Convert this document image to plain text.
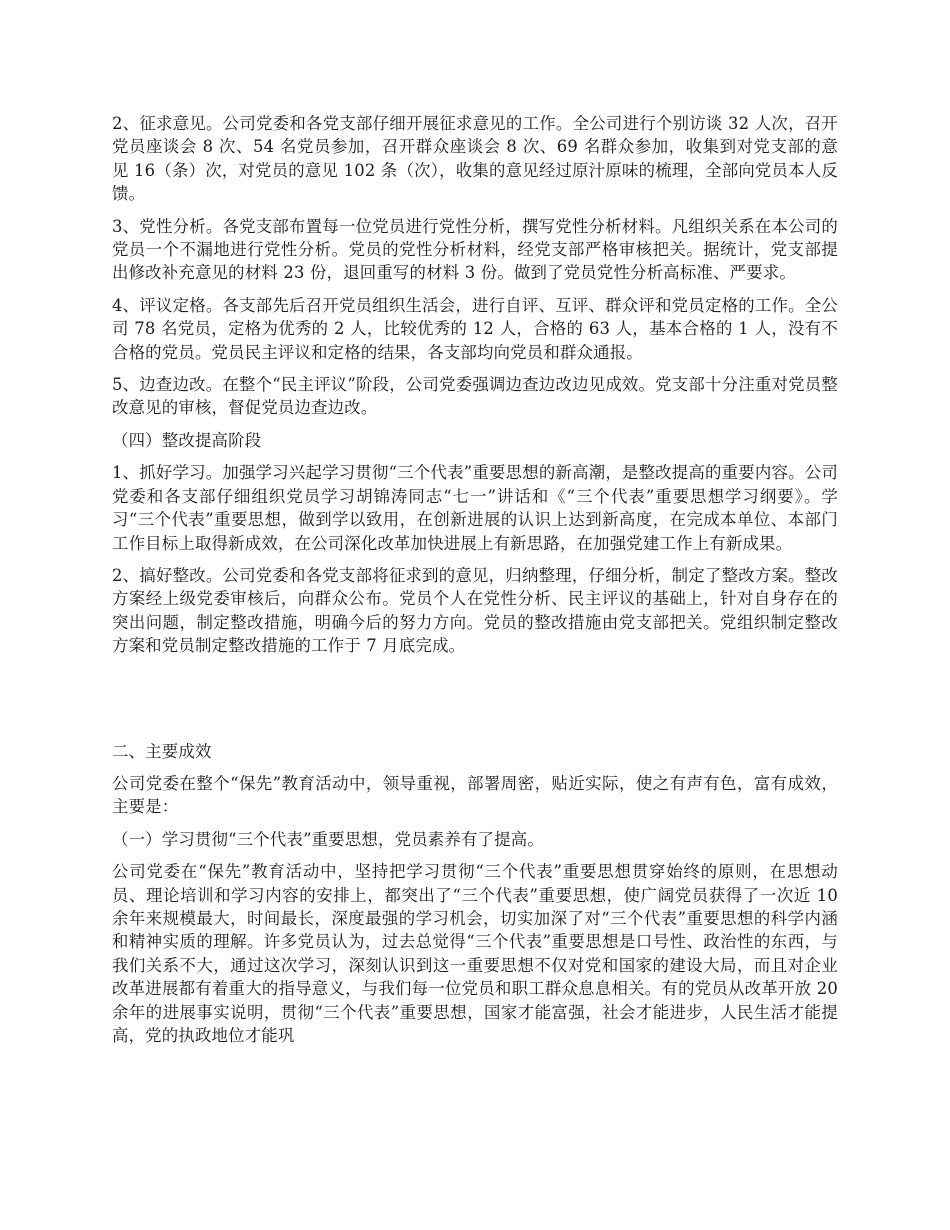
2、征求意见。公司党委和各党支部仔细开展征求意见的工作。全公司进行个别访谈 32 人次，召开党员座谈会 8 次、54 名党员参加，召开群众座谈会 8 次、69 名群众参加，收集到对党支部的意见 16（条）次，对党员的意见 102 条（次），收集的意见经过原汁原味的梳理，全部向党员本人反馈。

3、党性分析。各党支部布置每一位党员进行党性分析，撰写党性分析材料。凡组织关系在本公司的党员一个不漏地进行党性分析。党员的党性分析材料，经党支部严格审核把关。据统计，党支部提出修改补充意见的材料 23 份，退回重写的材料 3 份。做到了党员党性分析高标准、严要求。

4、评议定格。各支部先后召开党员组织生活会，进行自评、互评、群众评和党员定格的工作。全公司 78 名党员，定格为优秀的 2 人，比较优秀的 12 人，合格的 63 人，基本合格的 1 人，没有不合格的党员。党员民主评议和定格的结果，各支部均向党员和群众通报。

5、边查边改。在整个“民主评议”阶段，公司党委强调边查边改边见成效。党支部十分注重对党员整改意见的审核，督促党员边查边改。

（四）整改提高阶段

1、抓好学习。加强学习兴起学习贯彻“三个代表”重要思想的新高潮，是整改提高的重要内容。公司党委和各支部仔细组织党员学习胡锦涛同志“七一”讲话和《“三个代表”重要思想学习纲要》。学习“三个代表”重要思想，做到学以致用，在创新进展的认识上达到新高度，在完成本单位、本部门工作目标上取得新成效，在公司深化改革加快进展上有新思路，在加强党建工作上有新成果。

2、搞好整改。公司党委和各党支部将征求到的意见，归纳整理，仔细分析，制定了整改方案。整改方案经上级党委审核后，向群众公布。党员个人在党性分析、民主评议的基础上，针对自身存在的突出问题，制定整改措施，明确今后的努力方向。党员的整改措施由党支部把关。党组织制定整改方案和党员制定整改措施的工作于 7 月底完成。

二、主要成效

公司党委在整个“保先”教育活动中，领导重视，部署周密，贴近实际，使之有声有色，富有成效，主要是：

（一）学习贯彻“三个代表”重要思想，党员素养有了提高。

公司党委在“保先”教育活动中，坚持把学习贯彻“三个代表”重要思想贯穿始终的原则，在思想动员、理论培训和学习内容的安排上，都突出了“三个代表”重要思想，使广阔党员获得了一次近 10 余年来规模最大，时间最长，深度最强的学习机会，切实加深了对“三个代表”重要思想的科学内涵和精神实质的理解。许多党员认为，过去总觉得“三个代表”重要思想是口号性、政治性的东西，与我们关系不大，通过这次学习，深刻认识到这一重要思想不仅对党和国家的建设大局，而且对企业改革进展都有着重大的指导意义，与我们每一位党员和职工群众息息相关。有的党员从改革开放 20 余年的进展事实说明，贯彻“三个代表”重要思想，国家才能富强，社会才能进步，人民生活才能提高，党的执政地位才能巩
